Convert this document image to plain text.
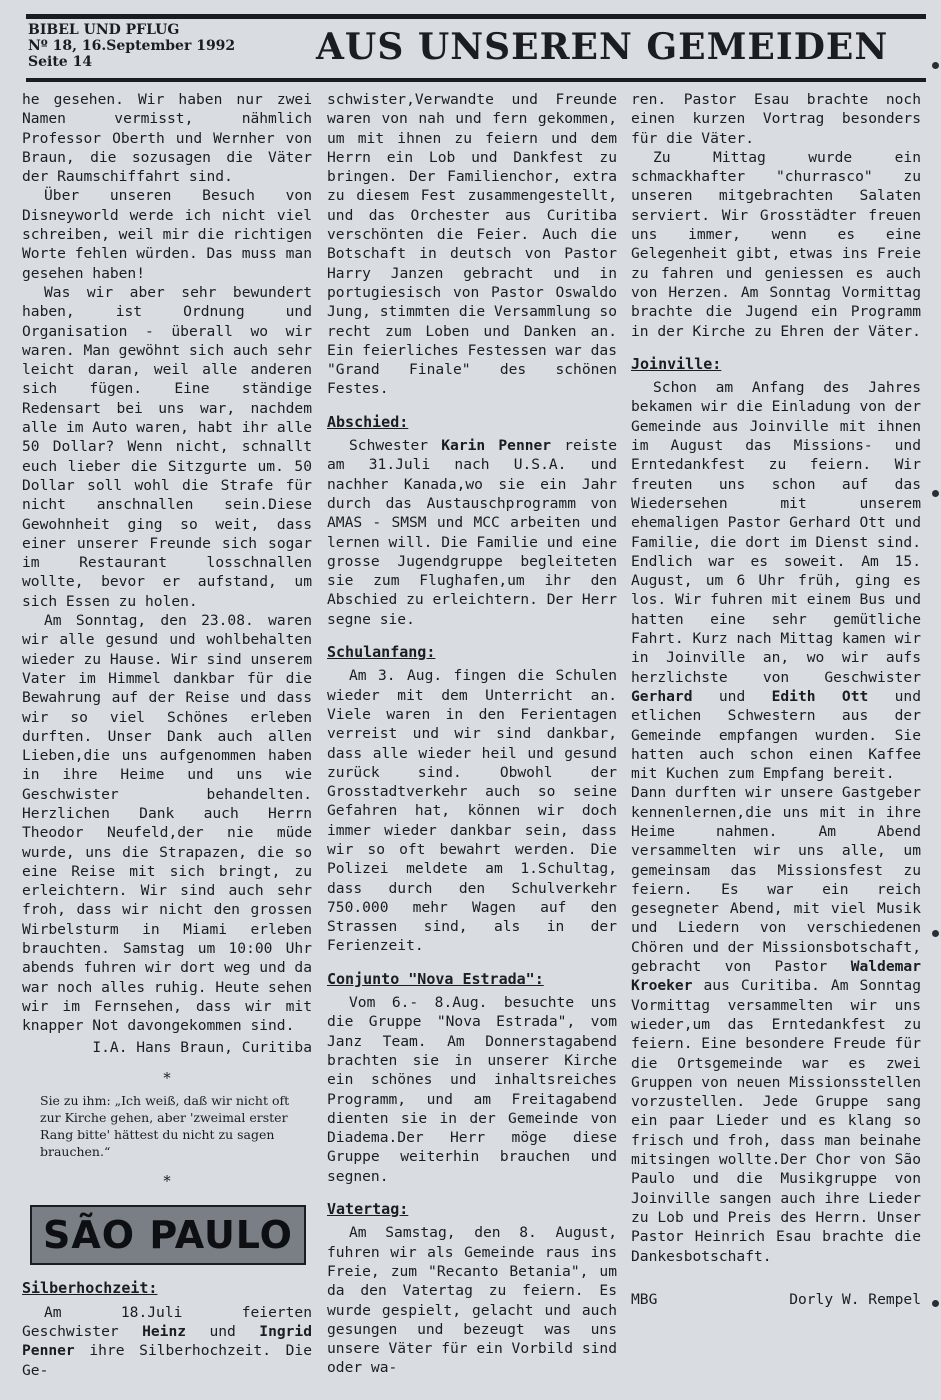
BIBEL UND PFLUG
Nº 18, 16.September 1992
Seite 14	AUS UNSEREN GEMEIDEN

he gesehen. Wir haben nur zwei Namen vermisst, nähmlich Professor Oberth und Wernher von Braun, die sozusagen die Väter der Raumschiffahrt sind.

Über unseren Besuch von Disneyworld werde ich nicht viel schreiben, weil mir die richtigen Worte fehlen würden. Das muss man gesehen haben!

Was wir aber sehr bewundert haben, ist Ordnung und Organisation - überall wo wir waren. Man gewöhnt sich auch sehr leicht daran, weil alle anderen sich fügen. Eine ständige Redensart bei uns war, nachdem alle im Auto waren, habt ihr alle 50 Dollar? Wenn nicht, schnallt euch lieber die Sitzgurte um. 50 Dollar soll wohl die Strafe für nicht anschnallen sein.Diese Gewohnheit ging so weit, dass einer unserer Freunde sich sogar im Restaurant losschnallen wollte, bevor er aufstand, um sich Essen zu holen.

Am Sonntag, den 23.08. waren wir alle gesund und wohlbehalten wieder zu Hause. Wir sind unserem Vater im Himmel dankbar für die Bewahrung auf der Reise und dass wir so viel Schönes erleben durften. Unser Dank auch allen Lieben,die uns aufgenommen haben in ihre Heime und uns wie Geschwister behandelten. Herzlichen Dank auch Herrn Theodor Neufeld,der nie müde wurde, uns die Strapazen, die so eine Reise mit sich bringt, zu erleichtern. Wir sind auch sehr froh, dass wir nicht den grossen Wirbelsturm in Miami erleben brauchten. Samstag um 10:00 Uhr abends fuhren wir dort weg und da war noch alles ruhig. Heute sehen wir im Fernsehen, dass wir mit knapper Not davongekommen sind.

I.A. Hans Braun, Curitiba
*
Sie zu ihm: „Ich weiß, daß wir nicht oft zur Kirche gehen, aber 'zweimal erster Rang bitte' hättest du nicht zu sagen brauchen.“
*
SÃO PAULO
Silberhochzeit:

Am 18.Juli feierten Geschwister Heinz und Ingrid Penner ihre Silberhochzeit. Die Ge-

schwister,Verwandte und Freunde waren von nah und fern gekommen, um mit ihnen zu feiern und dem Herrn ein Lob und Dankfest zu bringen. Der Familienchor, extra zu diesem Fest zusammengestellt, und das Orchester aus Curitiba verschönten die Feier. Auch die Botschaft in deutsch von Pastor Harry Janzen gebracht und in portugiesisch von Pastor Oswaldo Jung, stimmten die Versammlung so recht zum Loben und Danken an. Ein feierliches Festessen war das "Grand Finale" des schönen Festes.

Abschied:

Schwester Karin Penner reiste am 31.Juli nach U.S.A. und nachher Kanada,wo sie ein Jahr durch das Austauschprogramm von AMAS - SMSM und MCC arbeiten und lernen will. Die Familie und eine grosse Jugendgruppe begleiteten sie zum Flughafen,um ihr den Abschied zu erleichtern. Der Herr segne sie.

Schulanfang:

Am 3. Aug. fingen die Schulen wieder mit dem Unterricht an. Viele waren in den Ferientagen verreist und wir sind dankbar, dass alle wieder heil und gesund zurück sind. Obwohl der Grosstadtverkehr auch so seine Gefahren hat, können wir doch immer wieder dankbar sein, dass wir so oft bewahrt werden. Die Polizei meldete am 1.Schultag, dass durch den Schulverkehr 750.000 mehr Wagen auf den Strassen sind, als in der Ferienzeit.

Conjunto "Nova Estrada":

Vom 6.- 8.Aug. besuchte uns die Gruppe "Nova Estrada", vom Janz Team. Am Donnerstagabend brachten sie in unserer Kirche ein schönes und inhaltsreiches Programm, und am Freitagabend dienten sie in der Gemeinde von Diadema.Der Herr möge diese Gruppe weiterhin brauchen und segnen.

Vatertag:

Am Samstag, den 8. August, fuhren wir als Gemeinde raus ins Freie, zum "Recanto Betania", um da den Vatertag zu feiern. Es wurde gespielt, gelacht und auch gesungen und bezeugt was uns unsere Väter für ein Vorbild sind oder wa-

ren. Pastor Esau brachte noch einen kurzen Vortrag besonders für die Väter.

Zu Mittag wurde ein schmackhafter "churrasco" zu unseren mitgebrachten Salaten serviert. Wir Grosstädter freuen uns immer, wenn es eine Gelegenheit gibt, etwas ins Freie zu fahren und geniessen es auch von Herzen. Am Sonntag Vormittag brachte die Jugend ein Programm in der Kirche zu Ehren der Väter.

Joinville:

Schon am Anfang des Jahres bekamen wir die Einladung von der Gemeinde aus Joinville mit ihnen im August das Missions- und Erntedankfest zu feiern. Wir freuten uns schon auf das Wiedersehen mit unserem ehemaligen Pastor Gerhard Ott und Familie, die dort im Dienst sind. Endlich war es soweit. Am 15. August, um 6 Uhr früh, ging es los. Wir fuhren mit einem Bus und hatten eine sehr gemütliche Fahrt. Kurz nach Mittag kamen wir in Joinville an, wo wir aufs herzlichste von Geschwister Gerhard und Edith Ott und etlichen Schwestern aus der Gemeinde empfangen wurden. Sie hatten auch schon einen Kaffee mit Kuchen zum Empfang bereit.

Dann durften wir unsere Gastgeber kennenlernen,die uns mit in ihre Heime nahmen. Am Abend versammelten wir uns alle, um gemeinsam das Missionsfest zu feiern. Es war ein reich gesegneter Abend, mit viel Musik und Liedern von verschiedenen Chören und der Missionsbotschaft, gebracht von Pastor Waldemar Kroeker aus Curitiba. Am Sonntag Vormittag versammelten wir uns wieder,um das Erntedankfest zu feiern. Eine besondere Freude für die Ortsgemeinde war es zwei Gruppen von neuen Missionsstellen vorzustellen. Jede Gruppe sang ein paar Lieder und es klang so frisch und froh, dass man beinahe mitsingen wollte.Der Chor von São Paulo und die Musikgruppe von Joinville sangen auch ihre Lieder zu Lob und Preis des Herrn. Unser Pastor Heinrich Esau brachte die Dankesbotschaft.

MBG	Dorly W. Rempel
